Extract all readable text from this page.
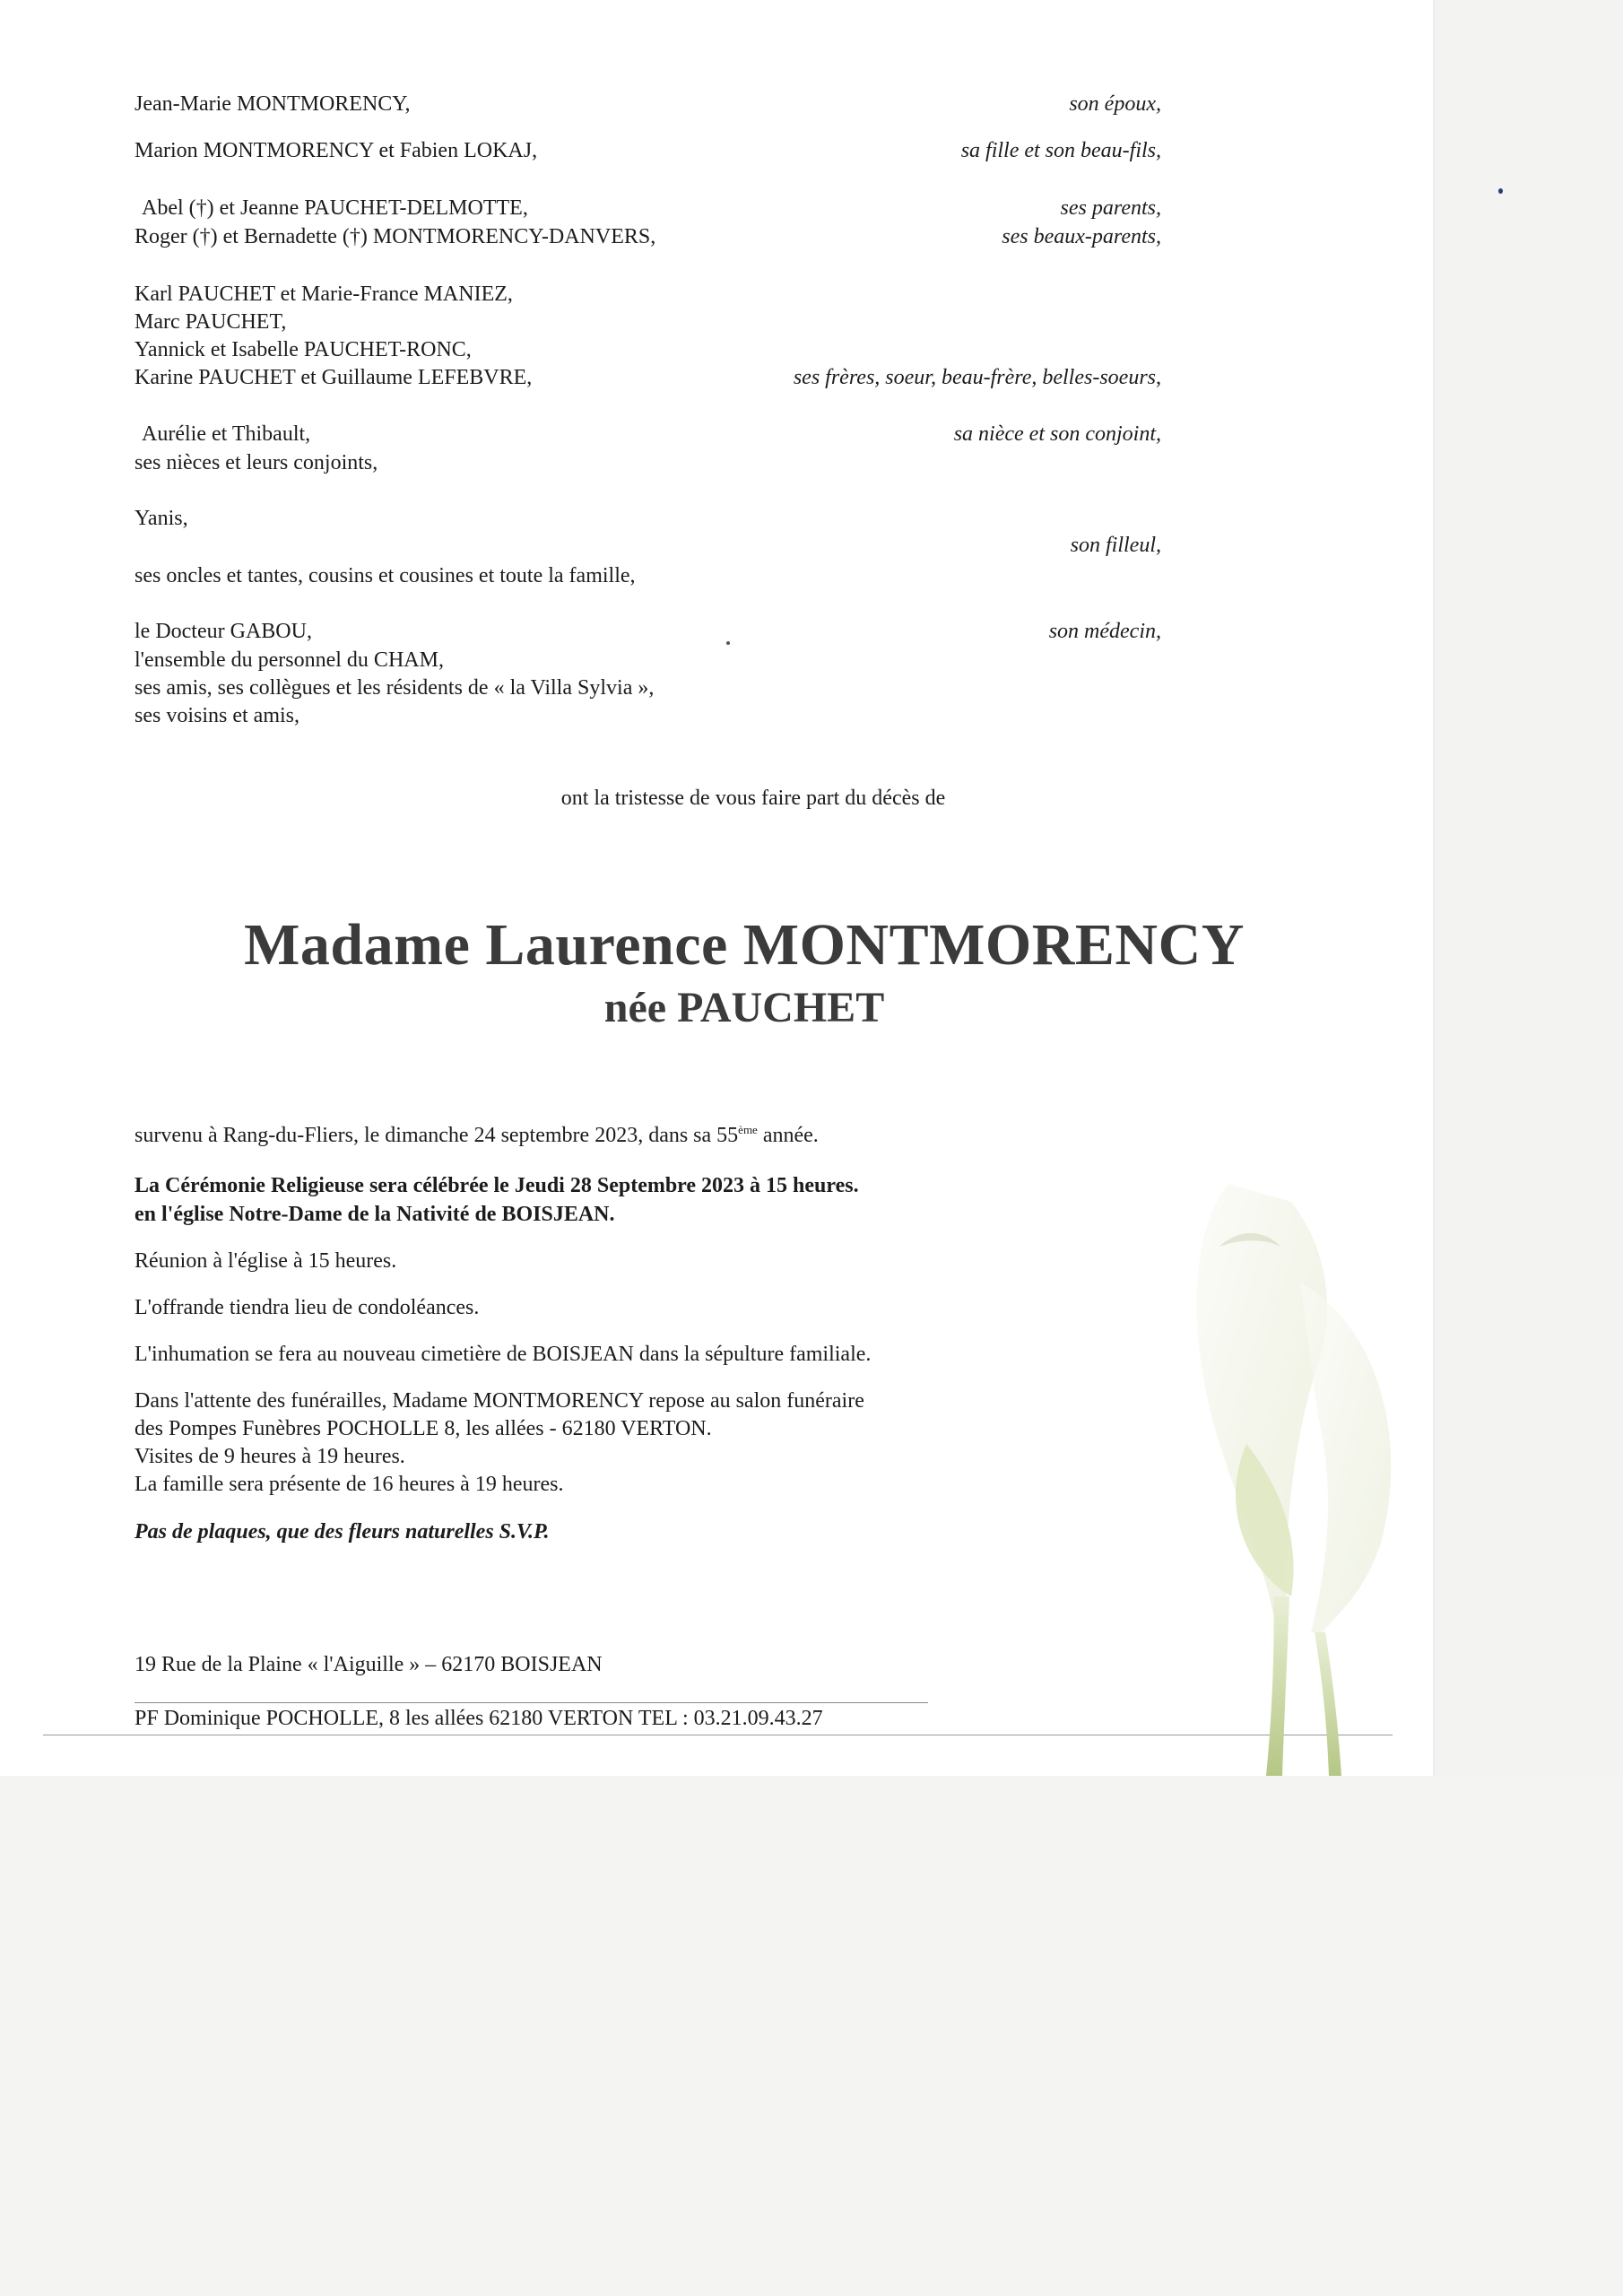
Jean-Marie MONTMORENCY,
Marion MONTMORENCY et Fabien LOKAJ,
Abel (†) et Jeanne PAUCHET-DELMOTTE,
Roger (†) et Bernadette (†) MONTMORENCY-DANVERS,
Karl PAUCHET et Marie-France MANIEZ,
Marc PAUCHET,
Yannick et Isabelle PAUCHET-RONC,
Karine PAUCHET et Guillaume LEFEBVRE,
Aurélie et Thibault,
ses nièces et leurs conjoints,
Yanis,
ses oncles et tantes, cousins et cousines et toute la famille,
le Docteur GABOU,
l'ensemble du personnel du CHAM,
ses amis, ses collègues et les résidents de « la Villa Sylvia »,
ses voisins et amis,
son époux,
sa fille et son beau-fils,
ses parents,
ses beaux-parents,
ses frères, soeur, beau-frère, belles-soeurs,
sa nièce et son conjoint,
son filleul,
son médecin,
ont la tristesse de vous faire part du décès de
Madame Laurence MONTMORENCY
née PAUCHET
survenu à Rang-du-Fliers, le dimanche 24 septembre 2023, dans sa 55ème année.
La Cérémonie Religieuse sera célébrée le Jeudi 28 Septembre 2023 à 15 heures.
en l'église Notre-Dame de la Nativité de BOISJEAN.
Réunion à l'église à 15 heures.
L'offrande tiendra lieu de condoléances.
L'inhumation se fera au nouveau cimetière de BOISJEAN dans la sépulture familiale.
Dans l'attente des funérailles, Madame MONTMORENCY repose au salon funéraire
des Pompes Funèbres POCHOLLE 8, les allées - 62180 VERTON.
Visites de 9 heures à 19 heures.
La famille sera présente de 16 heures à 19 heures.
Pas de plaques, que des fleurs naturelles S.V.P.
19 Rue de la Plaine « l'Aiguille » – 62170 BOISJEAN
PF Dominique POCHOLLE, 8 les allées 62180 VERTON TEL : 03.21.09.43.27
